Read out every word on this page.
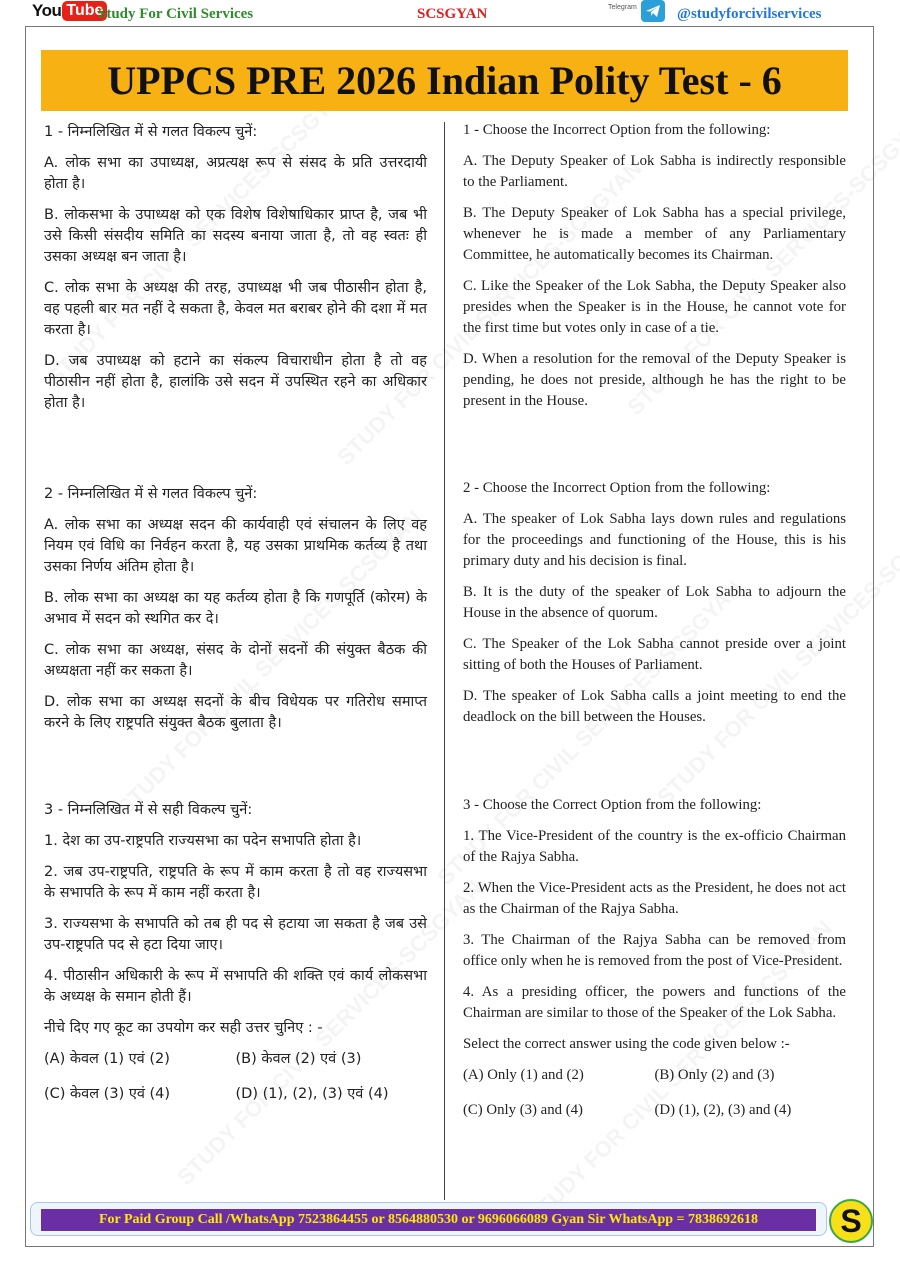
You Tube
Study For Civil Services	SCSGYAN	Telegram	@studyforcivilservices
UPPCS PRE 2026 Indian Polity Test - 6

1 - निम्नलिखित में से गलत विकल्प चुनें:

A. लोक सभा का उपाध्यक्ष, अप्रत्यक्ष रूप से संसद के प्रति उत्तरदायी होता है।

B. लोकसभा के उपाध्यक्ष को एक विशेष विशेषाधिकार प्राप्त है, जब भी उसे किसी संसदीय समिति का सदस्य बनाया जाता है, तो वह स्वतः ही उसका अध्यक्ष बन जाता है।

C. लोक सभा के अध्यक्ष की तरह, उपाध्यक्ष भी जब पीठासीन होता है, वह पहली बार मत नहीं दे सकता है, केवल मत बराबर होने की दशा में मत करता है।

D. जब उपाध्यक्ष को हटाने का संकल्प विचाराधीन होता है तो वह पीठासीन नहीं होता है, हालांकि उसे सदन में उपस्थित रहने का अधिकार होता है।

2 - निम्नलिखित में से गलत विकल्प चुनें:

A. लोक सभा का अध्यक्ष सदन की कार्यवाही एवं संचालन के लिए वह नियम एवं विधि का निर्वहन करता है, यह उसका प्राथमिक कर्तव्य है तथा उसका निर्णय अंतिम होता है।

B. लोक सभा का अध्यक्ष का यह कर्तव्य होता है कि गणपूर्ति (कोरम) के अभाव में सदन को स्थगित कर दे।

C. लोक सभा का अध्यक्ष, संसद के दोनों सदनों की संयुक्त बैठक की अध्यक्षता नहीं कर सकता है।

D. लोक सभा का अध्यक्ष सदनों के बीच विधेयक पर गतिरोध समाप्त करने के लिए राष्ट्रपति संयुक्त बैठक बुलाता है।

3 - निम्नलिखित में से सही विकल्प चुनें:

1. देश का उप-राष्ट्रपति राज्यसभा का पदेन सभापति होता है।

2. जब उप-राष्ट्रपति, राष्ट्रपति के रूप में काम करता है तो वह राज्यसभा के सभापति के रूप में काम नहीं करता है।

3. राज्यसभा के सभापति को तब ही पद से हटाया जा सकता है जब उसे उप-राष्ट्रपति पद से हटा दिया जाए।

4. पीठासीन अधिकारी के रूप में सभापति की शक्ति एवं कार्य लोकसभा के अध्यक्ष के समान होती हैं।

नीचे दिए गए कूट का उपयोग कर सही उत्तर चुनिए : -

(A) केवल (1) एवं (2)	(B) केवल (2) एवं (3)
(C) केवल (3) एवं (4)	(D) (1), (2), (3) एवं (4)

1 - Choose the Incorrect Option from the following:

A. The Deputy Speaker of Lok Sabha is indirectly responsible to the Parliament.

B. The Deputy Speaker of Lok Sabha has a special privilege, whenever he is made a member of any Parliamentary Committee, he automatically becomes its Chairman.

C. Like the Speaker of the Lok Sabha, the Deputy Speaker also presides when the Speaker is in the House, he cannot vote for the first time but votes only in case of a tie.

D. When a resolution for the removal of the Deputy Speaker is pending, he does not preside, although he has the right to be present in the House.

2 - Choose the Incorrect Option from the following:

A. The speaker of Lok Sabha lays down rules and regulations for the proceedings and functioning of the House, this is his primary duty and his decision is final.

B. It is the duty of the speaker of Lok Sabha to adjourn the House in the absence of quorum.

C. The Speaker of the Lok Sabha cannot preside over a joint sitting of both the Houses of Parliament.

D. The speaker of Lok Sabha calls a joint meeting to end the deadlock on the bill between the Houses.

3 - Choose the Correct Option from the following:

1. The Vice-President of the country is the ex-officio Chairman of the Rajya Sabha.

2. When the Vice-President acts as the President, he does not act as the Chairman of the Rajya Sabha.

3. The Chairman of the Rajya Sabha can be removed from office only when he is removed from the post of Vice-President.

4. As a presiding officer, the powers and functions of the Chairman are similar to those of the Speaker of the Lok Sabha.

Select the correct answer using the code given below :-

(A) Only (1) and (2)	(B) Only (2) and (3)
(C) Only (3) and (4)	(D) (1), (2), (3) and (4)
For Paid Group Call /WhatsApp 7523864455 or 8564880530 or 9696066089 Gyan Sir WhatsApp = 7838692618	S
